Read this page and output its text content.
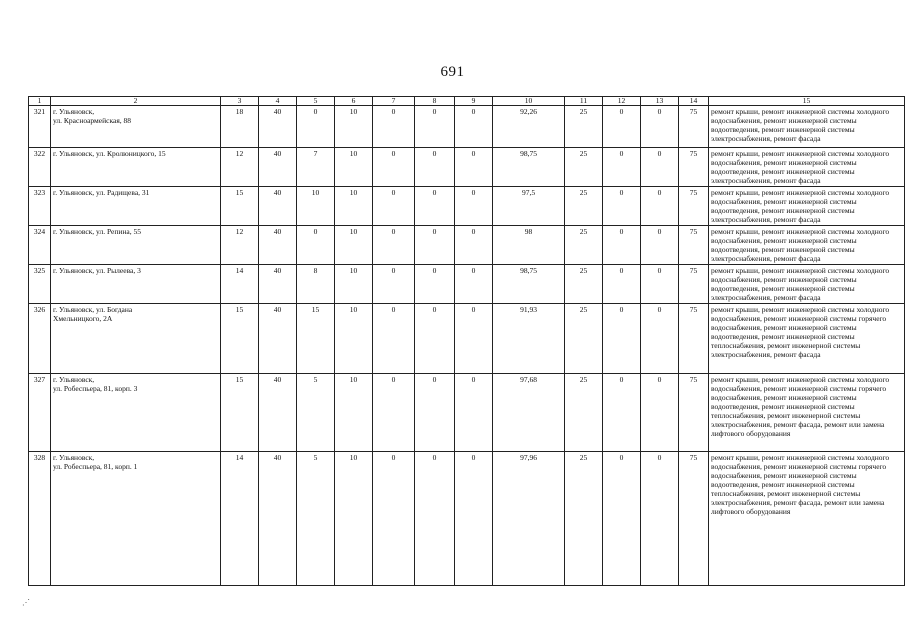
691
1	2	3	4	5	6	7	8	9	10	11	12	13	14	15
321	г. Ульяновск,
ул. Красноармейская, 88	18	40	0	10	0	0	0	92,26	25	0	0	75	ремонт крыши, ремонт инженерной системы холодного водоснабжения, ремонт инженерной системы водоотведения, ремонт инженерной системы электроснабжения, ремонт фасада
322	г. Ульяновск, ул. Кролюницкого, 15	12	40	7	10	0	0	0	98,75	25	0	0	75	ремонт крыши, ремонт инженерной системы холодного водоснабжения, ремонт инженерной системы водоотведения, ремонт инженерной системы электроснабжения, ремонт фасада
323	г. Ульяновск, ул. Радищева, 31	15	40	10	10	0	0	0	97,5	25	0	0	75	ремонт крыши, ремонт инженерной системы холодного водоснабжения, ремонт инженерной системы водоотведения, ремонт инженерной системы электроснабжения, ремонт фасада
324	г. Ульяновск, ул. Репина, 55	12	40	0	10	0	0	0	98	25	0	0	75	ремонт крыши, ремонт инженерной системы холодного водоснабжения, ремонт инженерной системы водоотведения, ремонт инженерной системы электроснабжения, ремонт фасада
325	г. Ульяновск, ул. Рылеева, 3	14	40	8	10	0	0	0	98,75	25	0	0	75	ремонт крыши, ремонт инженерной системы холодного водоснабжения, ремонт инженерной системы водоотведения, ремонт инженерной системы электроснабжения, ремонт фасада
326	г. Ульяновск, ул. Богдана
Хмельницкого, 2А	15	40	15	10	0	0	0	91,93	25	0	0	75	ремонт крыши, ремонт инженерной системы холодного водоснабжения, ремонт инженерной системы горячего водоснабжения, ремонт инженерной системы водоотведения, ремонт инженерной системы теплоснабжения, ремонт инженерной системы электроснабжения, ремонт фасада
327	г. Ульяновск,
ул. Робеспьера, 81, корп. 3	15	40	5	10	0	0	0	97,68	25	0	0	75	ремонт крыши, ремонт инженерной системы холодного водоснабжения, ремонт инженерной системы горячего водоснабжения, ремонт инженерной системы водоотведения, ремонт инженерной системы теплоснабжения, ремонт инженерной системы электроснабжения, ремонт фасада, ремонт или замена лифтового оборудования
328	г. Ульяновск,
ул. Робеспьера, 81, корп. 1	14	40	5	10	0	0	0	97,96	25	0	0	75	ремонт крыши, ремонт инженерной системы холодного водоснабжения, ремонт инженерной системы горячего водоснабжения, ремонт инженерной системы водоотведения, ремонт инженерной системы теплоснабжения, ремонт инженерной системы электроснабжения, ремонт фасада, ремонт или замена лифтового оборудования
⋰
